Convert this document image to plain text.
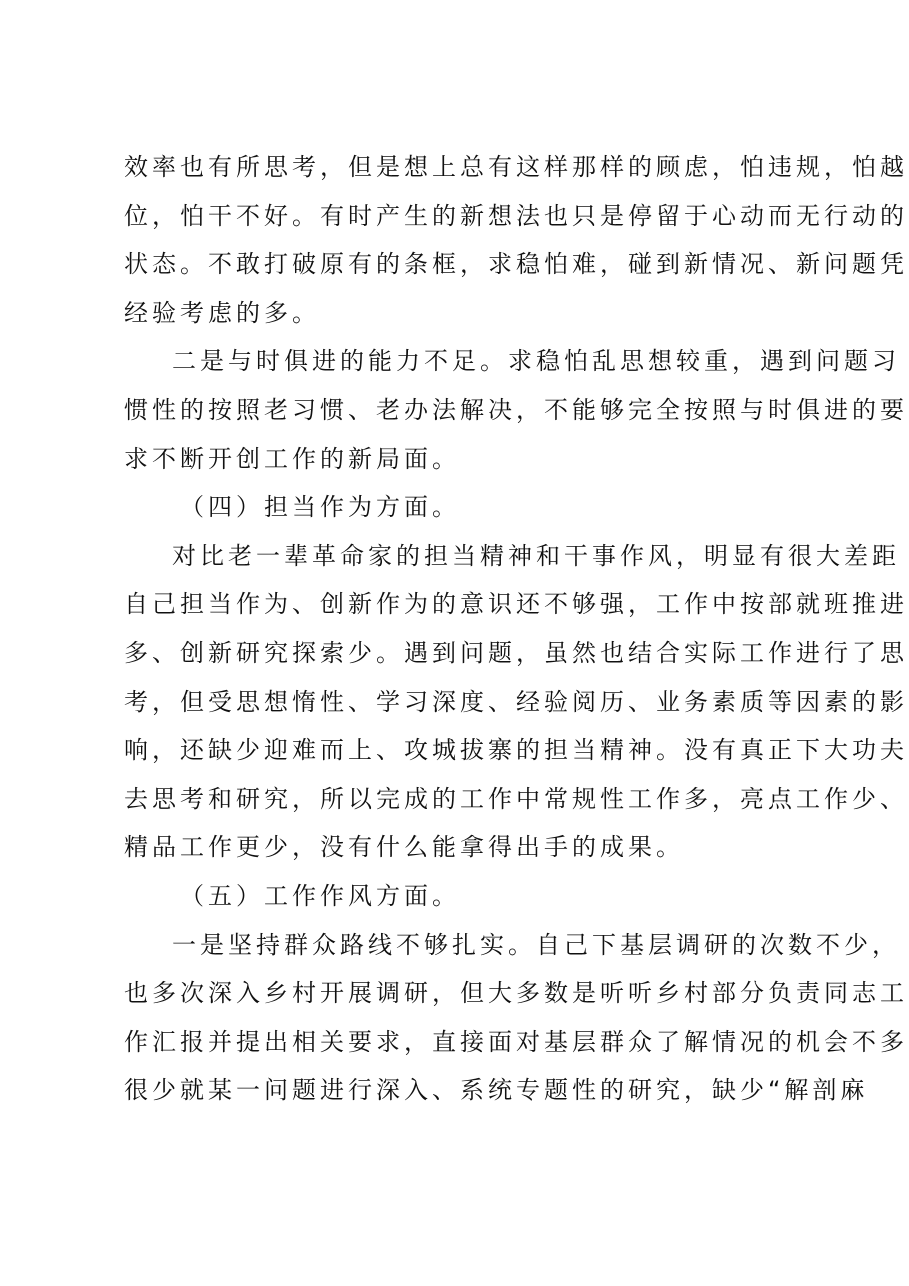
效率也有所思考，但是想上总有这样那样的顾虑，怕违规，怕越
位，怕干不好。有时产生的新想法也只是停留于心动而无行动的
状态。不敢打破原有的条框，求稳怕难，碰到新情况、新问题凭
经验考虑的多。
二是与时俱进的能力不足。求稳怕乱思想较重，遇到问题习
惯性的按照老习惯、老办法解决，不能够完全按照与时俱进的要
求不断开创工作的新局面。
（四）担当作为方面。
对比老一辈革命家的担当精神和干事作风，明显有很大差距
自己担当作为、创新作为的意识还不够强，工作中按部就班推进
多、创新研究探索少。遇到问题，虽然也结合实际工作进行了思
考，但受思想惰性、学习深度、经验阅历、业务素质等因素的影
响，还缺少迎难而上、攻城拔寨的担当精神。没有真正下大功夫
去思考和研究，所以完成的工作中常规性工作多，亮点工作少、
精品工作更少，没有什么能拿得出手的成果。
（五）工作作风方面。
一是坚持群众路线不够扎实。自己下基层调研的次数不少，
也多次深入乡村开展调研，但大多数是听听乡村部分负责同志工
作汇报并提出相关要求，直接面对基层群众了解情况的机会不多
很少就某一问题进行深入、系统专题性的研究，缺少“解剖麻
